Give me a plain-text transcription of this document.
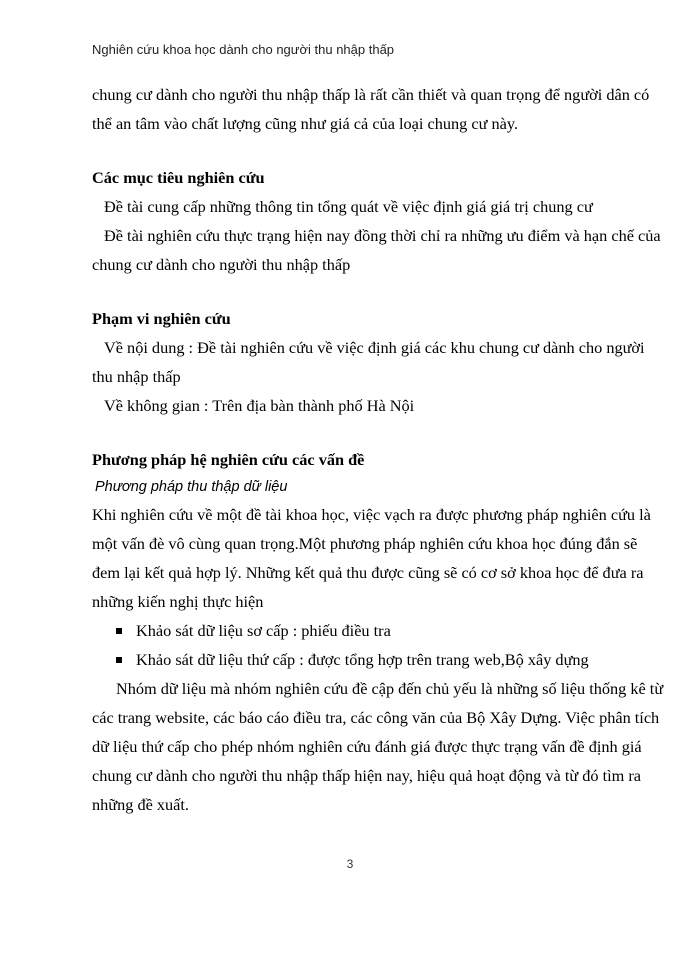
Nghiên cứu khoa học dành cho người thu nhập thấp
chung cư dành cho người thu nhập thấp là rất cần thiết và quan trọng để người dân có
thể an tâm vào chất lượng cũng như giá cả của loại chung cư này.
Các mục tiêu nghiên cứu
Đề tài cung cấp những thông tin tổng quát về việc định giá giá trị chung cư
Đề tài nghiên cứu thực trạng hiện nay đồng thời chỉ ra những ưu điểm và hạn chế của
chung cư dành cho người thu nhập thấp
Phạm vi nghiên cứu
Về nội dung : Đề tài nghiên cứu về việc định giá các khu chung cư dành cho người
thu nhập thấp
Về không gian : Trên địa bàn thành phố Hà Nội
Phương pháp hệ nghiên cứu các vấn đề
Phương pháp thu thập dữ liệu
Khi nghiên cứu về một đề tài khoa học, việc vạch ra được phương pháp nghiên cứu là
một vấn đè vô cùng quan trọng.Một phương pháp nghiên cứu khoa học đúng đắn sẽ
đem lại kết quả hợp lý. Những kết quả thu được cũng sẽ có cơ sở khoa học để đưa ra
những kiến nghị thực hiện
Khảo sát dữ liệu sơ cấp : phiếu điều tra
Khảo sát dữ liệu thứ cấp : được tổng hợp trên trang web,Bộ xây dựng
Nhóm dữ liệu mà nhóm nghiên cứu đề cập đến chủ yếu là những số liệu thống kê từ
các trang website, các báo cáo điều tra, các công văn của Bộ Xây Dựng. Việc phân tích
dữ liệu thứ cấp cho phép nhóm nghiên cứu đánh giá được thực trạng vấn đề định giá
chung cư dành cho người thu nhập thấp hiện nay, hiệu quả hoạt động và từ đó tìm ra
những đề xuất.
3
